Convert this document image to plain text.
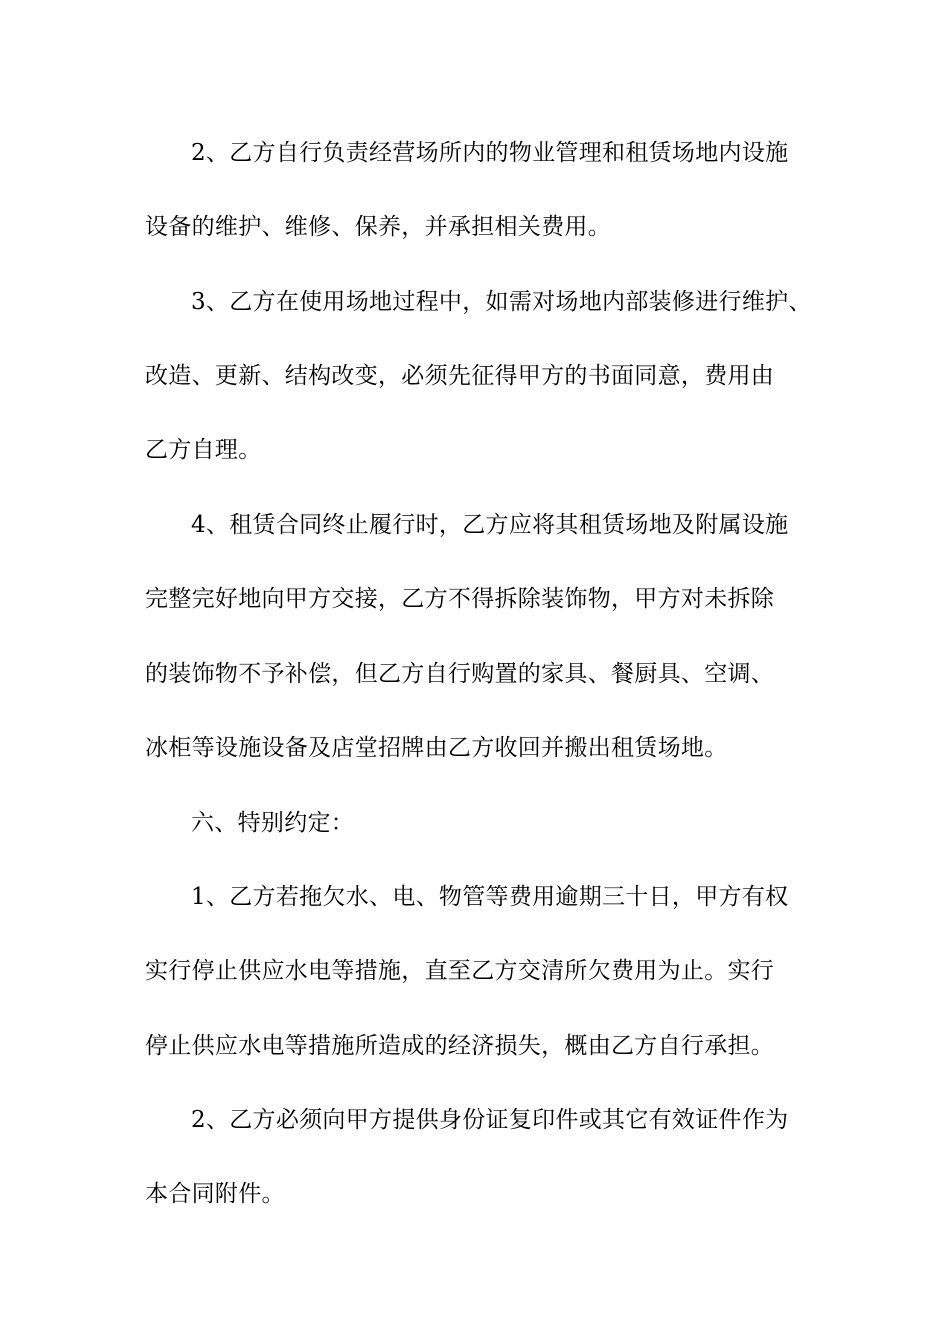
2、乙方自行负责经营场所内的物业管理和租赁场地内设施
设备的维护、维修、保养，并承担相关费用。
3、乙方在使用场地过程中，如需对场地内部装修进行维护、
改造、更新、结构改变，必须先征得甲方的书面同意，费用由
乙方自理。
4、租赁合同终止履行时，乙方应将其租赁场地及附属设施
完整完好地向甲方交接，乙方不得拆除装饰物，甲方对未拆除
的装饰物不予补偿，但乙方自行购置的家具、餐厨具、空调、
冰柜等设施设备及店堂招牌由乙方收回并搬出租赁场地。
六、特别约定：
1、乙方若拖欠水、电、物管等费用逾期三十日，甲方有权
实行停止供应水电等措施，直至乙方交清所欠费用为止。实行
停止供应水电等措施所造成的经济损失，概由乙方自行承担。
2、乙方必须向甲方提供身份证复印件或其它有效证件作为
本合同附件。
